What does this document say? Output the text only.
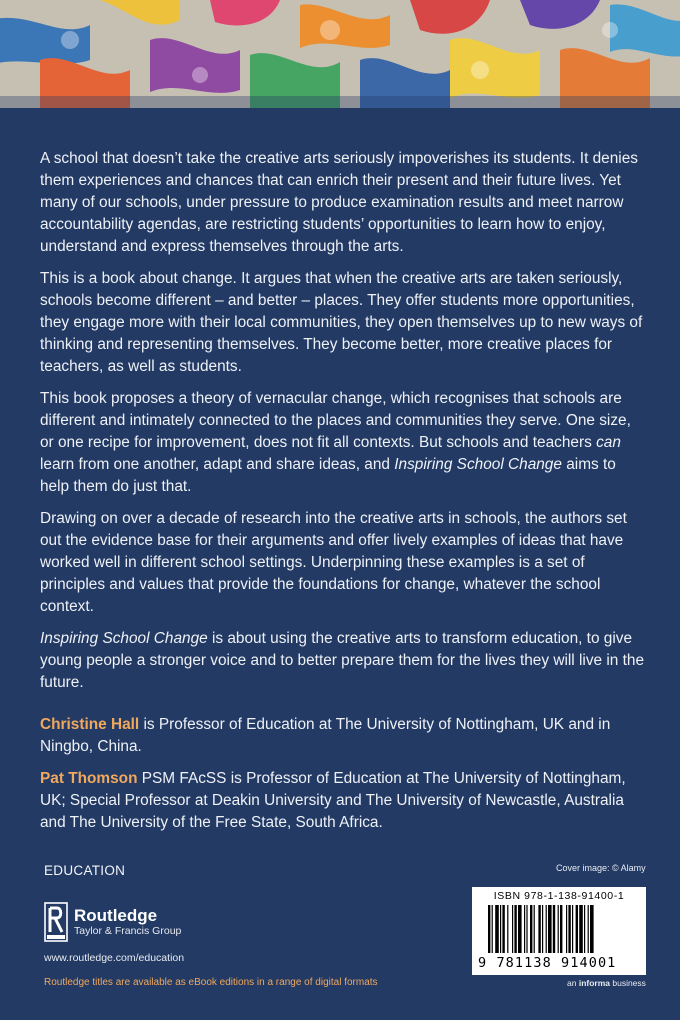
A school that doesn’t take the creative arts seriously impoverishes its students. It denies them experiences and chances that can enrich their present and their future lives. Yet many of our schools, under pressure to produce examination results and meet narrow accountability agendas, are restricting students’ opportunities to learn how to enjoy, understand and express themselves through the arts.

This is a book about change. It argues that when the creative arts are taken seriously, schools become different – and better – places. They offer students more opportunities, they engage more with their local communities, they open themselves up to new ways of thinking and representing themselves. They become better, more creative places for teachers, as well as students.

This book proposes a theory of vernacular change, which recognises that schools are different and intimately connected to the places and communities they serve. One size, or one recipe for improvement, does not fit all contexts. But schools and teachers can learn from one another, adapt and share ideas, and Inspiring School Change aims to help them do just that.

Drawing on over a decade of research into the creative arts in schools, the authors set out the evidence base for their arguments and offer lively examples of ideas that have worked well in different school settings. Underpinning these examples is a set of principles and values that provide the foundations for change, whatever the school context.

Inspiring School Change is about using the creative arts to transform education, to give young people a stronger voice and to better prepare them for the lives they will live in the future.

Christine Hall is Professor of Education at The University of Nottingham, UK and in Ningbo, China.

Pat Thomson PSM FAcSS is Professor of Education at The University of Nottingham, UK; Special Professor at Deakin University and The University of Newcastle, Australia and The University of the Free State, South Africa.

EDUCATION
Routledge
Taylor & Francis Group
www.routledge.com/education
Routledge titles are available as eBook editions in a range of digital formats
Cover image: © Alamy
ISBN 978-1-138-91400-1
9 781138 914001
an informa business
